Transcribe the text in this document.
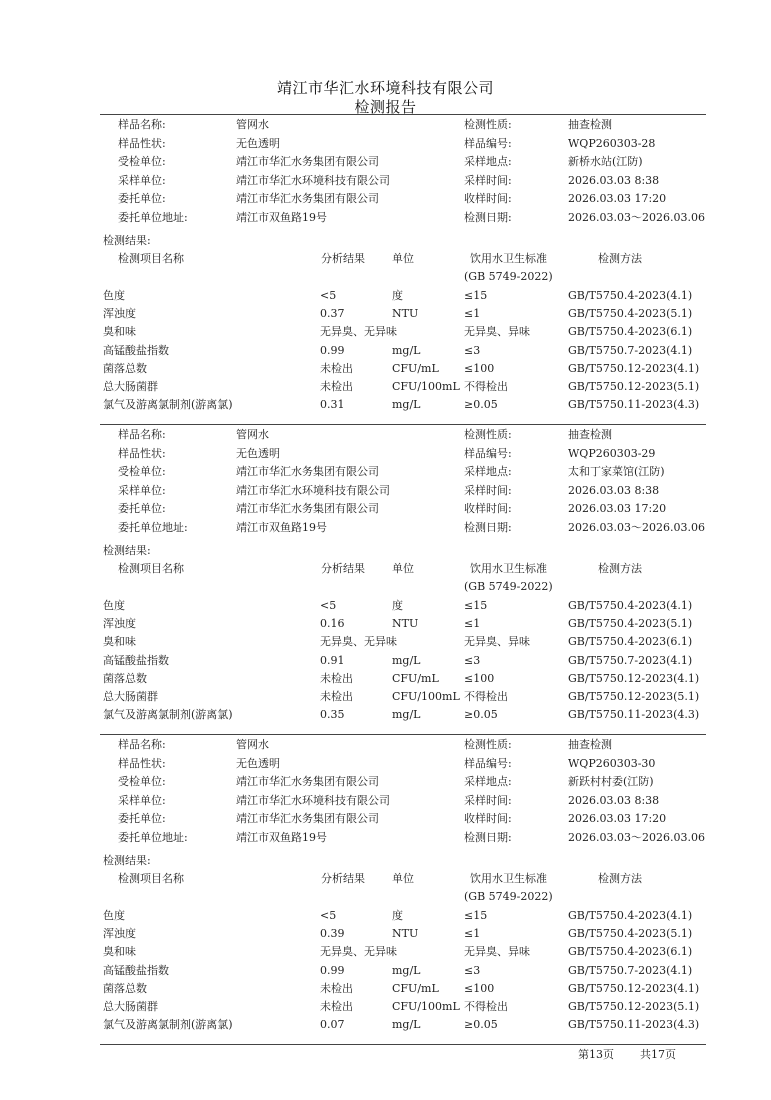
靖江市华汇水环境科技有限公司
检测报告
样品名称:	管网水
样品性状:	无色透明
受检单位:	靖江市华汇水务集团有限公司
采样单位:	靖江市华汇水环境科技有限公司
委托单位:	靖江市华汇水务集团有限公司
委托单位地址:	靖江市双鱼路19号
检测性质:	抽查检测
样品编号:	WQP260303-28
采样地点:	新桥水站(江防)
采样时间:	2026.03.03 8:38
收样时间:	2026.03.03 17:20
检测日期:	2026.03.03～2026.03.06
检测结果:
检测项目名称	分析结果 单位	饮用水卫生标准
(GB 5749-2022)
检测方法
色度	<5	度	≤15	GB/T5750.4-2023(4.1)
浑浊度	0.37	NTU	≤1	GB/T5750.4-2023(5.1)
臭和味	无异臭、无异味	无异臭、异味	GB/T5750.4-2023(6.1)
高锰酸盐指数	0.99	mg/L	≤3	GB/T5750.7-2023(4.1)
菌落总数	未检出	CFU/mL ≤100	GB/T5750.12-2023(4.1)
总大肠菌群	未检出	CFU/100mL 不得检出	GB/T5750.12-2023(5.1)
氯气及游离氯制剂(游离氯)	0.31	mg/L	≥0.05	GB/T5750.11-2023(4.3)
样品名称:	管网水
样品性状:	无色透明
受检单位:	靖江市华汇水务集团有限公司
采样单位:	靖江市华汇水环境科技有限公司
委托单位:	靖江市华汇水务集团有限公司
委托单位地址:	靖江市双鱼路19号
检测性质:	抽查检测
样品编号:	WQP260303-29
采样地点:	太和丁家菜馆(江防)
采样时间:	2026.03.03 8:38
收样时间:	2026.03.03 17:20
检测日期:	2026.03.03～2026.03.06
检测结果:
检测项目名称	分析结果 单位	饮用水卫生标准
(GB 5749-2022)
检测方法
色度	<5	度	≤15	GB/T5750.4-2023(4.1)
浑浊度	0.16	NTU	≤1	GB/T5750.4-2023(5.1)
臭和味	无异臭、无异味	无异臭、异味	GB/T5750.4-2023(6.1)
高锰酸盐指数	0.91	mg/L	≤3	GB/T5750.7-2023(4.1)
菌落总数	未检出	CFU/mL ≤100	GB/T5750.12-2023(4.1)
总大肠菌群	未检出	CFU/100mL 不得检出	GB/T5750.12-2023(5.1)
氯气及游离氯制剂(游离氯)	0.35	mg/L	≥0.05	GB/T5750.11-2023(4.3)
样品名称:	管网水
样品性状:	无色透明
受检单位:	靖江市华汇水务集团有限公司
采样单位:	靖江市华汇水环境科技有限公司
委托单位:	靖江市华汇水务集团有限公司
委托单位地址:	靖江市双鱼路19号
检测性质:	抽查检测
样品编号:	WQP260303-30
采样地点:	新跃村村委(江防)
采样时间:	2026.03.03 8:38
收样时间:	2026.03.03 17:20
检测日期:	2026.03.03～2026.03.06
检测结果:
检测项目名称	分析结果 单位	饮用水卫生标准
(GB 5749-2022)
检测方法
色度	<5	度	≤15	GB/T5750.4-2023(4.1)
浑浊度	0.39	NTU	≤1	GB/T5750.4-2023(5.1)
臭和味	无异臭、无异味	无异臭、异味	GB/T5750.4-2023(6.1)
高锰酸盐指数	0.99	mg/L	≤3	GB/T5750.7-2023(4.1)
菌落总数	未检出	CFU/mL ≤100	GB/T5750.12-2023(4.1)
总大肠菌群	未检出	CFU/100mL 不得检出	GB/T5750.12-2023(5.1)
氯气及游离氯制剂(游离氯)	0.07	mg/L	≥0.05	GB/T5750.11-2023(4.3)
第13页 共17页
